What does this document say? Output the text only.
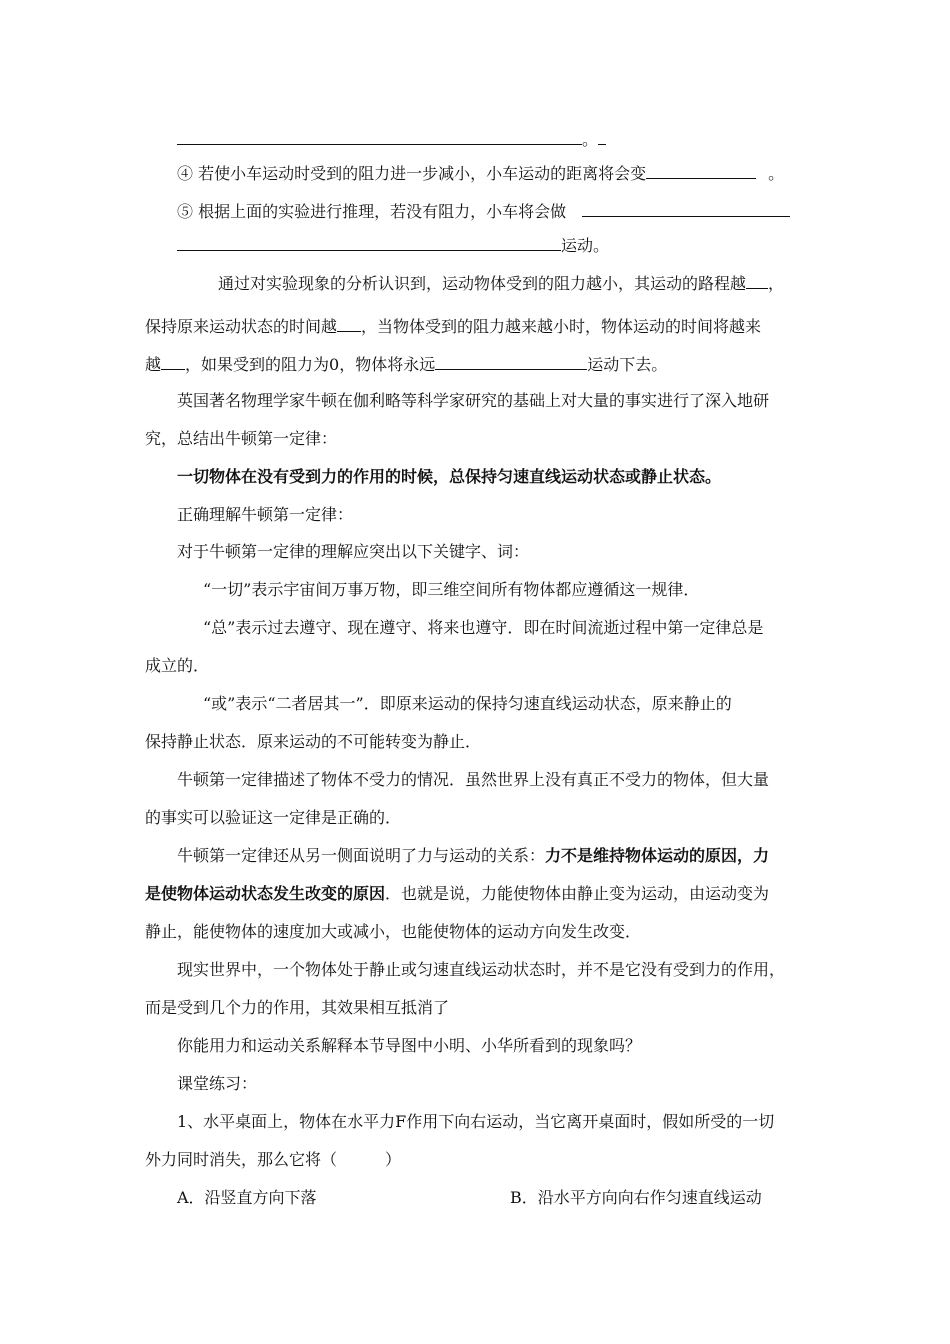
。
④ 若使小车运动时受到的阻力进一步减小，小车运动的距离将会变	。
⑤ 根据上面的实验进行推理，若没有阻力，小车将会做
运动。
通过对实验现象的分析认识到，运动物体受到的阻力越小，其运动的路程越 ，
保持原来运动状态的时间越 ，当物体受到的阻力越来越小时，物体运动的时间将越来
越 ，如果受到的阻力为0，物体将永远	运动下去。
英国著名物理学家牛顿在伽利略等科学家研究的基础上对大量的事实进行了深入地研
究，总结出牛顿第一定律：
一切物体在没有受到力的作用的时候，总保持匀速直线运动状态或静止状态。
正确理解牛顿第一定律：
对于牛顿第一定律的理解应突出以下关键字、词：
“一切”表示宇宙间万事万物，即三维空间所有物体都应遵循这一规律．
“总”表示过去遵守、现在遵守、将来也遵守．即在时间流逝过程中第一定律总是
成立的．
“或”表示“二者居其一”．即原来运动的保持匀速直线运动状态，原来静止的
保持静止状态．原来运动的不可能转变为静止．
牛顿第一定律描述了物体不受力的情况．虽然世界上没有真正不受力的物体，但大量
的事实可以验证这一定律是正确的．
牛顿第一定律还从另一侧面说明了力与运动的关系：力不是维持物体运动的原因，力
是使物体运动状态发生改变的原因．也就是说，力能使物体由静止变为运动，由运动变为
静止，能使物体的速度加大或减小，也能使物体的运动方向发生改变．
现实世界中，一个物体处于静止或匀速直线运动状态时，并不是它没有受到力的作用，
而是受到几个力的作用，其效果相互抵消了
你能用力和运动关系解释本节导图中小明、小华所看到的现象吗？
课堂练习：
1、水平桌面上，物体在水平力F作用下向右运动，当它离开桌面时，假如所受的一切
外力同时消失，那么它将（　　　）
A．沿竖直方向下落	B．沿水平方向向右作匀速直线运动
